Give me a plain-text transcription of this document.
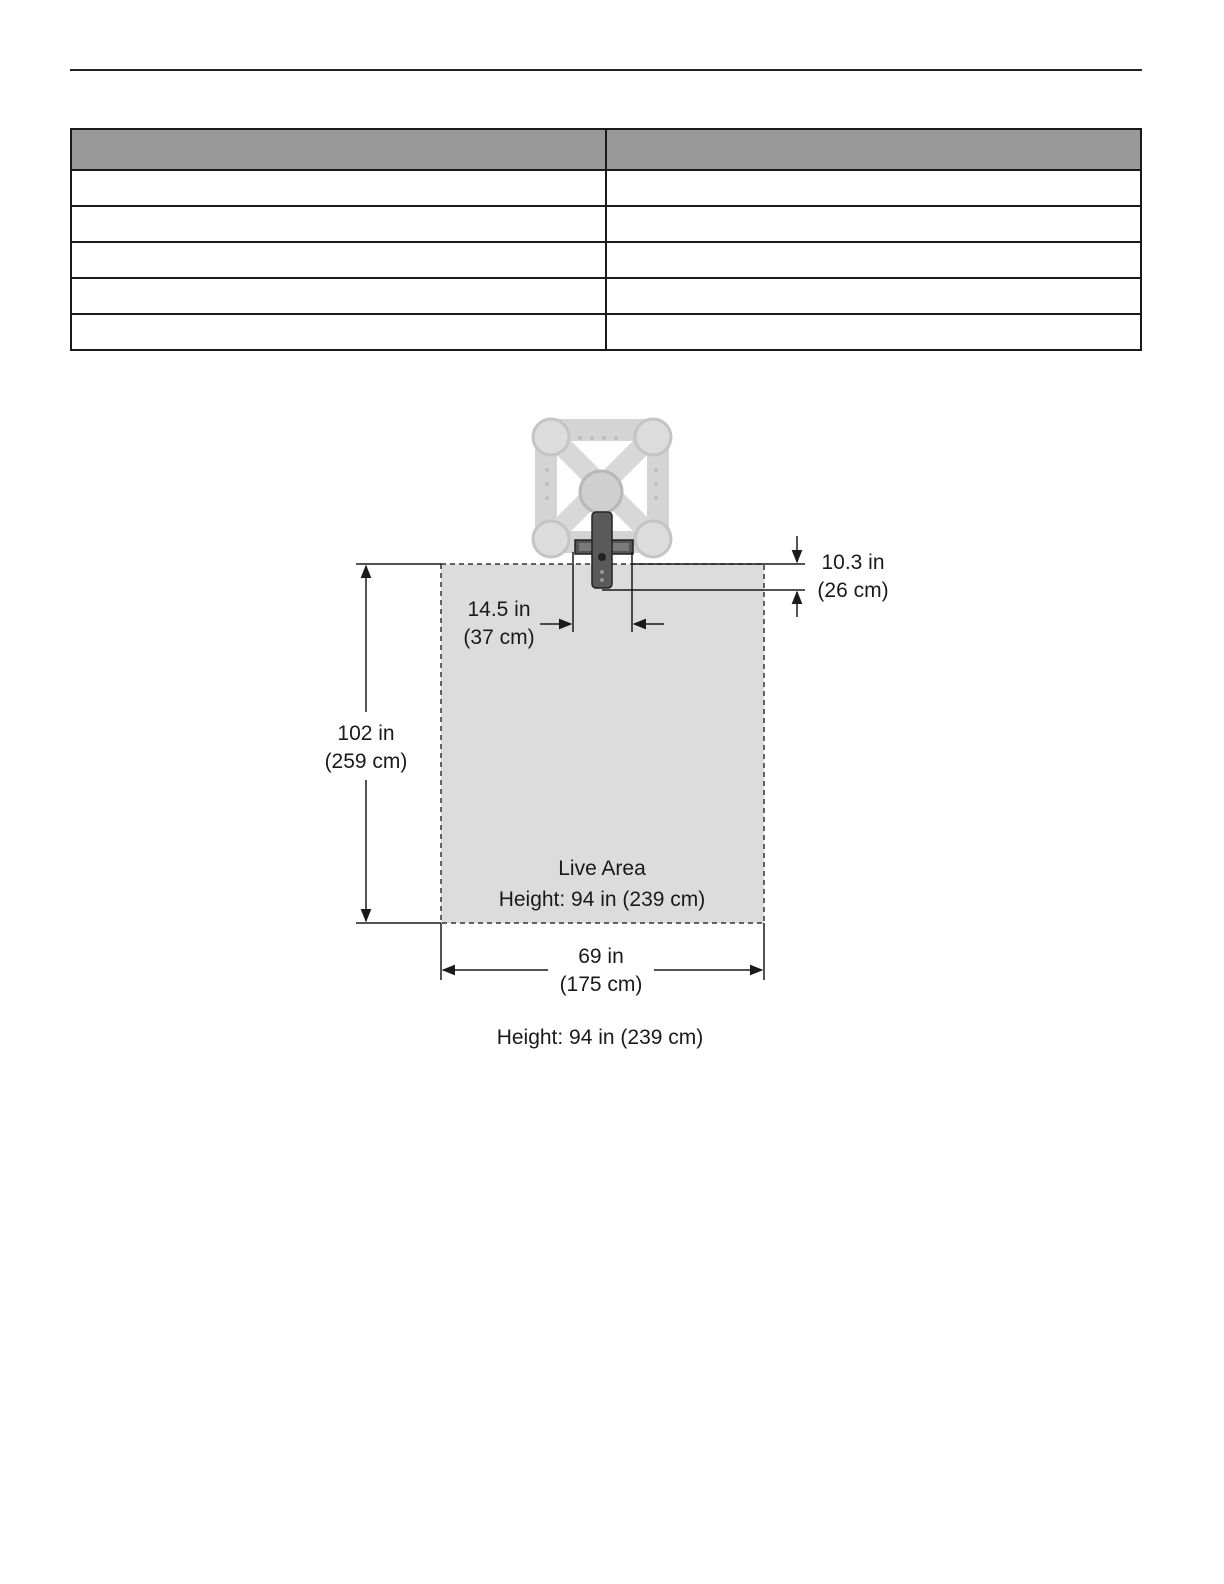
10.3 in
(26 cm)
14.5 in
(37 cm)
102 in
(259 cm)
Live Area
Height: 94 in (239 cm)
69 in
(175 cm)
Height: 94 in (239 cm)
